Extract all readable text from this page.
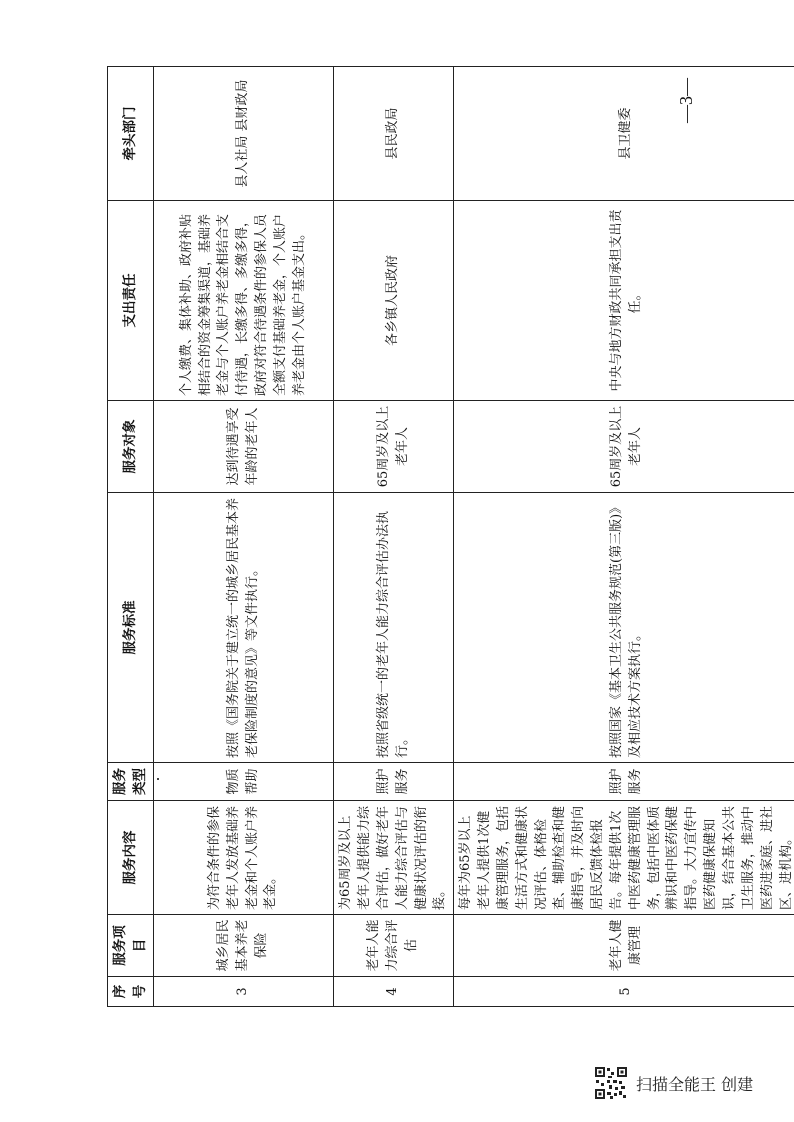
序号	服务项目	服务内容	服务类型	服务标准	服务对象	支出责任	牵头部门
3	城乡居民基本养老保险	为符合条件的参保老年人发放基础养老金和个人账户养老金。	物质帮助	按照《国务院关于建立统一的城乡居民基本养老保险制度的意见》等文件执行。	达到待遇享受年龄的老年人	个人缴费、集体补助、政府补贴相结合的资金筹集渠道，基础养老金与个人账户养老金相结合支付待遇，长缴多得、多缴多得，政府对符合待遇条件的参保人员全额支付基础养老金，个人账户养老金由个人账户基金支出。	县人社局 县财政局
4	老年人能力综合评估	为65周岁及以上老年人提供能力综合评估，做好老年人能力综合评估与健康状况评估的衔接。	照护服务	按照省级统一的老年人能力综合评估办法执行。	65周岁及以上老年人	各乡镇人民政府	县民政局
5	老年人健康管理	每年为65岁以上老年人提供1次健康管理服务，包括生活方式和健康状况评估、体格检查、辅助检查和健康指导，并及时向居民反馈体检报告。每年提供1次中医药健康管理服务，包括中医体质辨识和中医药保健指导。大力宣传中医药健康保健知识，结合基本公共卫生服务，推动中医药进家庭、进社区、进机构。	照护服务	按照国家《基本卫生公共服务规范(第三版)》及相应技术方案执行。	65周岁及以上老年人	中央与地方财政共同承担支出责任。	县卫健委
—3—
扫描全能王 创建
